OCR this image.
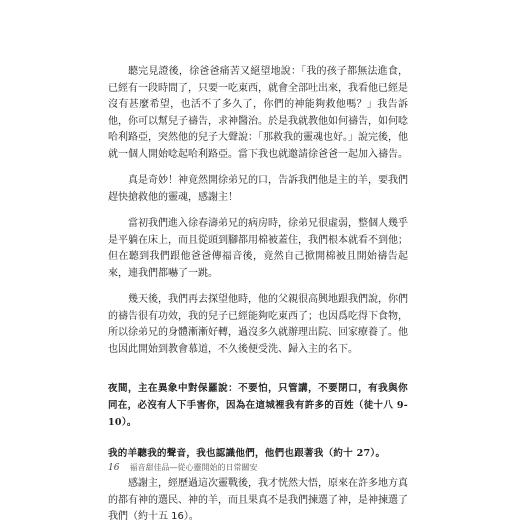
聽完見證後，徐爸爸痛苦又絕望地說：「我的孩子都無法進食，已經有一段時間了，只要一吃東西，就會全部吐出來，我看他已經是沒有甚麼希望，也活不了多久了，你們的神能夠救他嗎？」我告訴他，你可以幫兒子禱告，求神醫治。於是我就教他如何禱告，如何唸哈利路亞，突然他的兒子大聲說：「那救我的靈魂也好。」說完後，他就一個人開始唸起哈利路亞。當下我也就邀請徐爸爸一起加入禱告。

真是奇妙！神竟然開徐弟兄的口，告訴我們他是主的羊，要我們趕快搶救他的靈魂，感謝主！

當初我們進入徐春濤弟兄的病房時，徐弟兄很虛弱，整個人幾乎是平躺在床上，而且從頭到腳都用棉被蓋住，我們根本就看不到他；但在聽到我們跟他爸爸傳福音後，竟然自己掀開棉被且開始禱告起來，連我們都嚇了一跳。

幾天後，我們再去探望他時，他的父親很高興地跟我們說，你們的禱告很有功效，我的兒子已經能夠吃東西了；也因爲吃得下食物，所以徐弟兄的身體漸漸好轉，過沒多久就辦理出院、回家療養了。他也因此開始到教會慕道，不久後便受洗、歸入主的名下。

夜間，主在異象中對保羅說：不要怕，只管講，不要閉口，有我與你同在，必沒有人下手害你，因為在這城裡我有許多的百姓（徒十八 9-10）。

我的羊聽我的聲音，我也認識他們，他們也跟著我（約十 27）。

感謝主，經歷過這次靈戰後，我才恍然大悟，原來在許多地方真的都有神的選民、神的羊，而且果真不是我們揀選了神，是神揀選了我們（約十五 16）。

16 福音甜佳品—從心靈開始的日常關安
